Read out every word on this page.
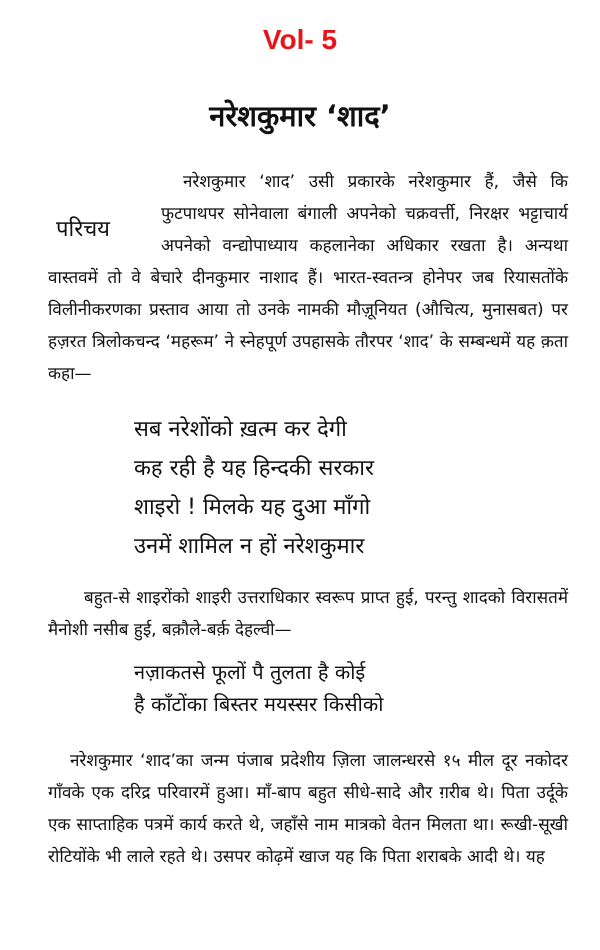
Vol- 5
नरेशकुमार ‘शाद’
परिचय
नरेशकुमार ‘शाद’ उसी प्रकारके नरेशकुमार हैं, जैसे कि फुटपाथपर सोनेवाला बंगाली अपनेको चक्रवर्त्ती, निरक्षर भट्टाचार्य अपनेको वन्द्योपाध्याय कहलानेका अधिकार रखता है। अन्यथा वास्तवमें तो वे बेचारे दीनकुमार नाशाद हैं। भारत-स्वतन्त्र होनेपर जब रियासतोंके विलीनीकरणका प्रस्ताव आया तो उनके नामकी मौज़ूनियत (औचित्य, मुनासबत) पर हज़रत त्रिलोकचन्द ‘महरूम’ ने स्नेहपूर्ण उपहासके तौरपर ‘शाद’ के सम्बन्धमें यह क़ता कहा—
सब नरेशोंको ख़त्म कर देगी
कह रही है यह हिन्दकी सरकार
शाइरो ! मिलके यह दुआ माँगो
उनमें शामिल न हों नरेशकुमार
बहुत-से शाइरोंको शाइरी उत्तराधिकार स्वरूप प्राप्त हुई, परन्तु शादको विरासतमें मैनोशी नसीब हुई, बक़ौले-बर्क़ देहल्वी—
नज़ाकतसे फूलों पै तुलता है कोई
है काँटोंका बिस्तर मयस्सर किसीको
नरेशकुमार ‘शाद’का जन्म पंजाब प्रदेशीय ज़िला जालन्धरसे १५ मील दूर नकोदर गाँवके एक दरिद्र परिवारमें हुआ। माँ-बाप बहुत सीधे-सादे और ग़रीब थे। पिता उर्दूके एक साप्ताहिक पत्रमें कार्य करते थे, जहाँसे नाम मात्रको वेतन मिलता था। रूखी-सूखी रोटियोंके भी लाले रहते थे। उसपर कोढ़में खाज यह कि पिता शराबके आदी थे। यह
